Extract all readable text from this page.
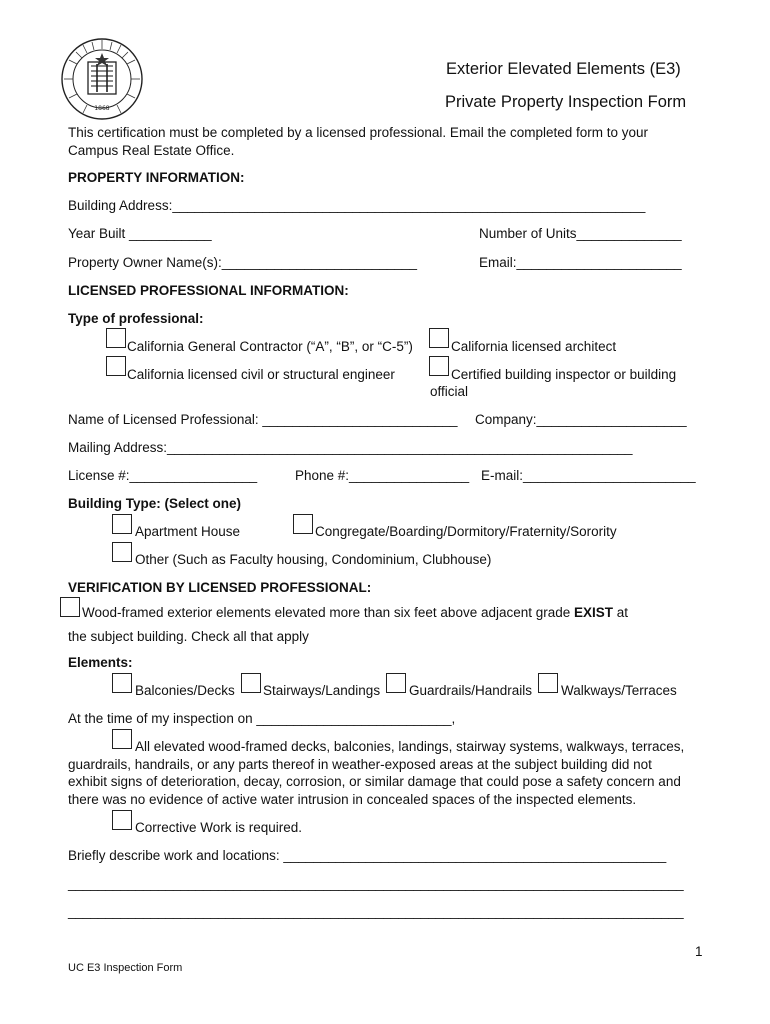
1868
Exterior Elevated Elements (E3)
Private Property Inspection Form
This certification must be completed by a licensed professional. Email the completed form to your
Campus Real Estate Office.
PROPERTY INFORMATION:
Building Address:_______________________________________________________________
Year Built ___________	Number of Units______________
Property Owner Name(s):__________________________	Email:______________________
LICENSED PROFESSIONAL INFORMATION:
Type of professional:
California General Contractor (“A”, “B”, or “C-5”)	California licensed architect
California licensed civil or structural engineer	Certified building inspector or building
official
Name of Licensed Professional: __________________________ Company:____________________
Mailing Address:______________________________________________________________
License #:_________________	Phone #:________________ E-mail:_______________________
Building Type: (Select one)
Apartment House	Congregate/Boarding/Dormitory/Fraternity/Sorority
Other (Such as Faculty housing, Condominium, Clubhouse)
VERIFICATION BY LICENSED PROFESSIONAL:
Wood-framed exterior elements elevated more than six feet above adjacent grade EXIST at
the subject building. Check all that apply
Elements:
Balconies/Decks Stairways/Landings Guardrails/Handrails Walkways/Terraces
At the time of my inspection on __________________________,
All elevated wood-framed decks, balconies, landings, stairway systems, walkways, terraces,
guardrails, handrails, or any parts thereof in weather-exposed areas at the subject building did not
exhibit signs of deterioration, decay, corrosion, or similar damage that could pose a safety concern and
there was no evidence of active water intrusion in concealed spaces of the inspected elements.
Corrective Work is required.
Briefly describe work and locations: ___________________________________________________
__________________________________________________________________________________
__________________________________________________________________________________
1
UC E3 Inspection Form
